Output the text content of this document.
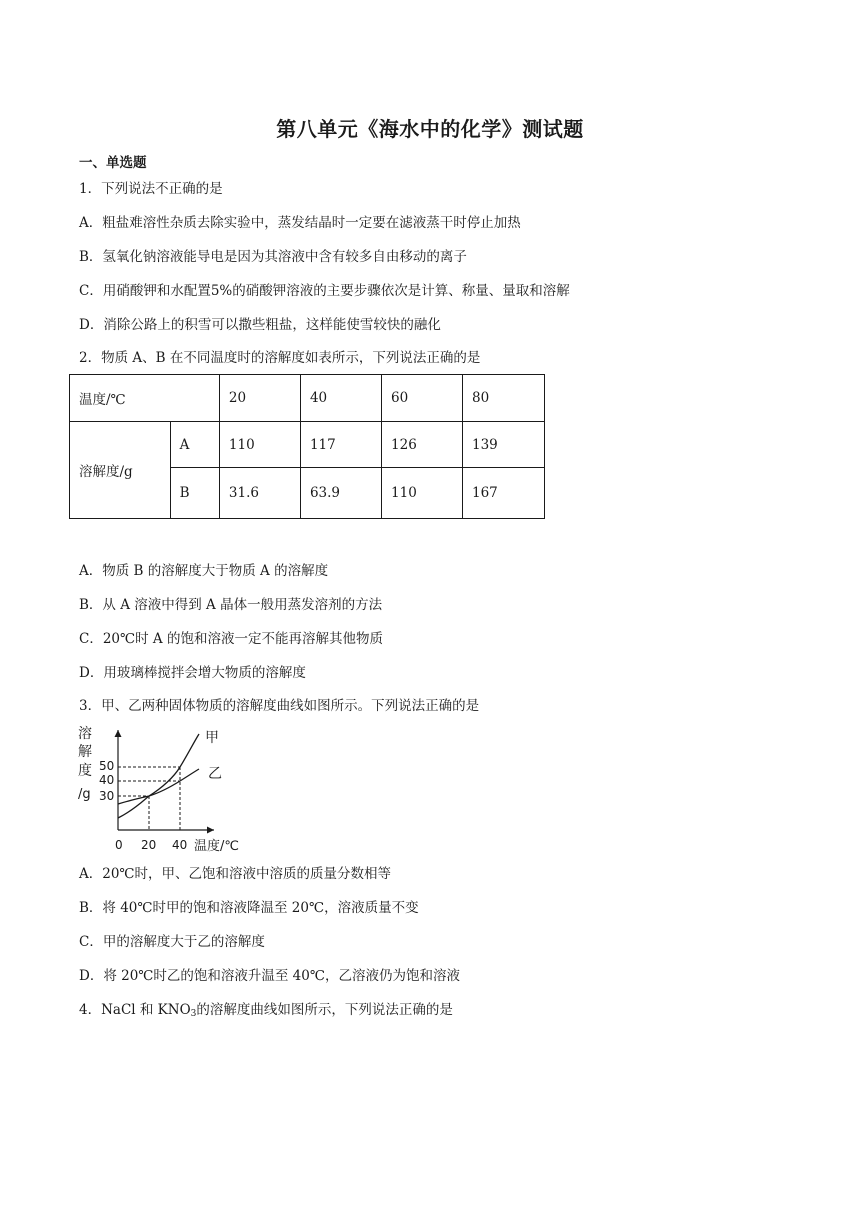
第八单元《海水中的化学》测试题
一、单选题
1．下列说法不正确的是
A．粗盐难溶性杂质去除实验中，蒸发结晶时一定要在滤液蒸干时停止加热
B．氢氧化钠溶液能导电是因为其溶液中含有较多自由移动的离子
C．用硝酸钾和水配置5%的硝酸钾溶液的主要步骤依次是计算、称量、量取和溶解
D．消除公路上的积雪可以撒些粗盐，这样能使雪较快的融化
2．物质 A、B 在不同温度时的溶解度如表所示，下列说法正确的是
温度/℃		20	40	60	80
溶解度/g	A	110	117	126	139
	B	31.6	63.9	110	167
A．物质 B 的溶解度大于物质 A 的溶解度
B．从 A 溶液中得到 A 晶体一般用蒸发溶剂的方法
C．20℃时 A 的饱和溶液一定不能再溶解其他物质
D．用玻璃棒搅拌会增大物质的溶解度
3．甲、乙两种固体物质的溶解度曲线如图所示。下列说法正确的是
溶
解
度
/g
50
40
30
甲
乙
0 20 40 温度/℃
A．20℃时，甲、乙饱和溶液中溶质的质量分数相等
B．将 40℃时甲的饱和溶液降温至 20℃，溶液质量不变
C．甲的溶解度大于乙的溶解度
D．将 20℃时乙的饱和溶液升温至 40℃，乙溶液仍为饱和溶液
4．NaCl 和 $KNO_3$的溶解度曲线如图所示，下列说法正确的是
